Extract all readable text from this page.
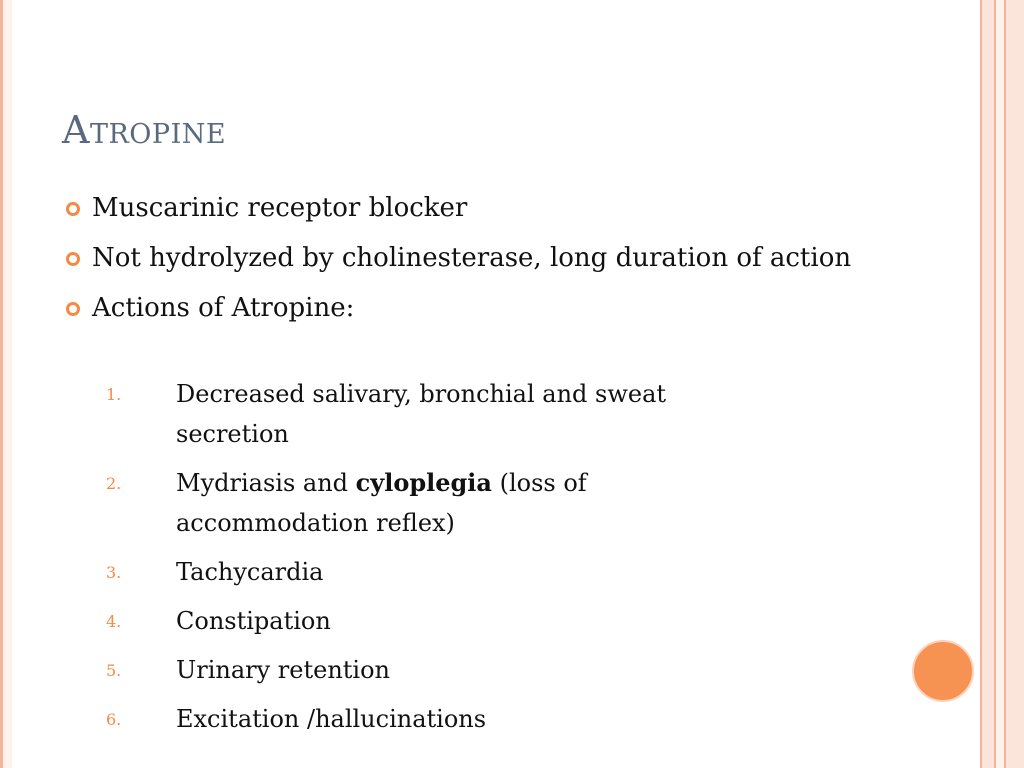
Atropine
Muscarinic receptor blocker
Not hydrolyzed by cholinesterase, long duration of action
Actions of Atropine:
1. Decreased salivary, bronchial and sweat secretion
2. Mydriasis and cyloplegia (loss of accommodation reflex)
3. Tachycardia
4. Constipation
5. Urinary retention
6. Excitation /hallucinations
